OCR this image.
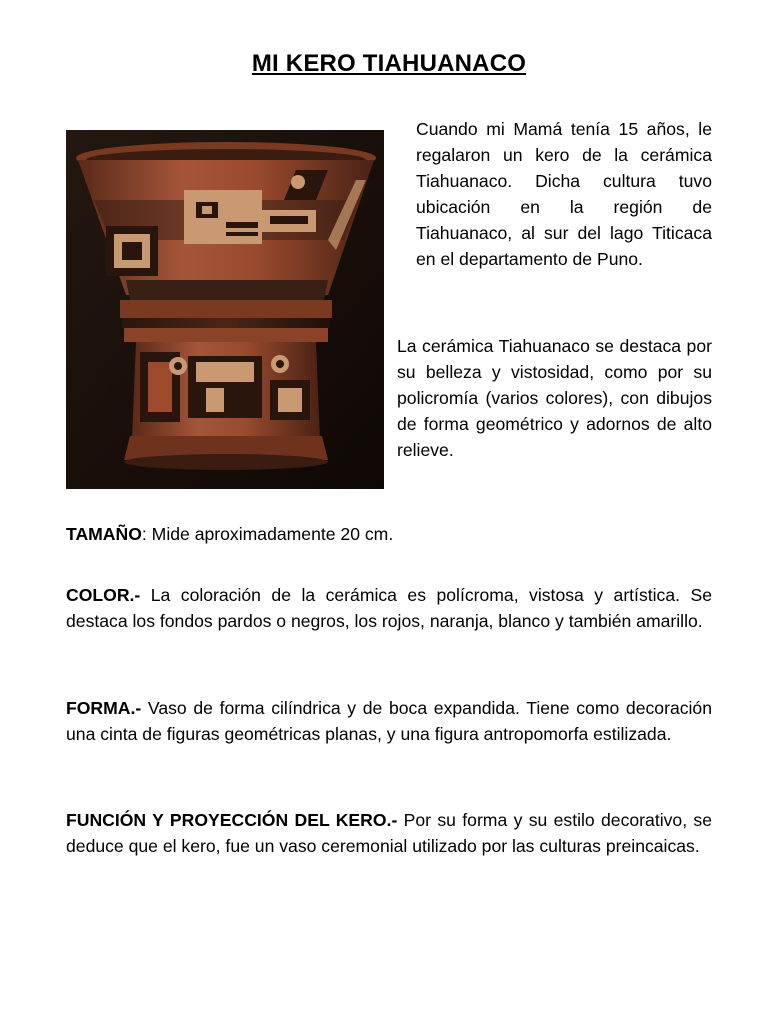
MI KERO TIAHUANACO

Cuando mi Mamá tenía 15 años, le regalaron un kero de la cerámica Tiahuanaco. Dicha cultura tuvo ubicación en la región de Tiahuanaco, al sur del lago Titicaca en el departamento de Puno.

La cerámica Tiahuanaco se destaca por su belleza y vistosidad, como por su policromía (varios colores), con dibujos de forma geométrico y adornos de alto relieve.

TAMAÑO: Mide aproximadamente 20 cm.

COLOR.- La coloración de la cerámica es polícroma, vistosa y artística. Se destaca los fondos pardos o negros, los rojos, naranja, blanco y también amarillo.

FORMA.- Vaso de forma cilíndrica y de boca expandida. Tiene como decoración una cinta de figuras geométricas planas, y una figura antropomorfa estilizada.

FUNCIÓN Y PROYECCIÓN DEL KERO.- Por su forma y su estilo decorativo, se deduce que el kero, fue un vaso ceremonial utilizado por las culturas preincaicas.
